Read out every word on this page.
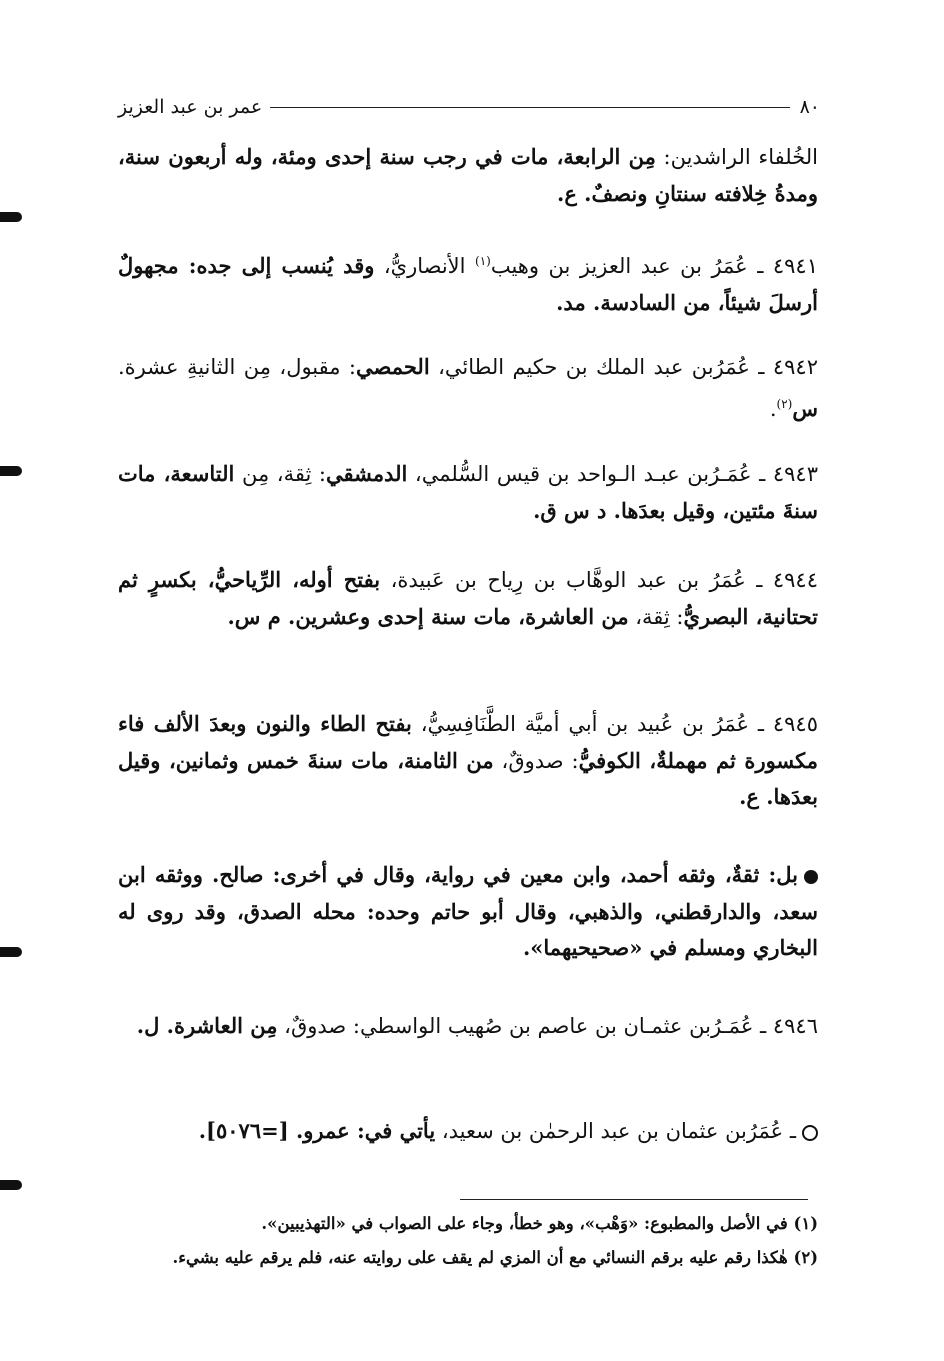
٨٠
عمر بن عبد العزيز

الخُلفاء الراشدين: مِن الرابعة، مات في رجب سنة إحدى ومئة، وله أربعون سنة، ومدةُ خِلافته سنتانِ ونصفٌ. ع.

٤٩٤١ ـ عُمَرُ بن عبد العزيز بن وهيب$^{(١)}$ الأنصاريُّ، وقد يُنسب إلى جده: مجهولٌ أرسلَ شيئاً، من السادسة. مد.

٤٩٤٢ ـ عُمَرُبن عبد الملك بن حكيم الطائي، الحمصي: مقبول، مِن الثانيةِ عشرة. س$^{(٢)}$.

٤٩٤٣ ـ عُمَـرُبن عبـد الـواحد بن قيس السُّلمي، الدمشقي: ثِقة، مِن التاسعة، مات سنةَ مئتين، وقيل بعدَها. د س ق.

٤٩٤٤ ـ عُمَرُ بن عبد الوهَّاب بن رِياح بن عَبيدة، بفتح أوله، الرِّياحيُّ، بكسرٍ ثم تحتانية، البصريُّ: ثِقة، من العاشرة، مات سنة إحدى وعشرين. م س.

٤٩٤٥ ـ عُمَرُ بن عُبيد بن أبي أميَّة الطَّنَافِسِيُّ، بفتح الطاء والنون وبعدَ الألف فاء مكسورة ثم مهملةٌ، الكوفيُّ: صدوقٌ، من الثامنة، مات سنةَ خمس وثمانين، وقيل بعدَها. ع.

بل: ثقةٌ، وثقه أحمد، وابن معين في رواية، وقال في أخرى: صالح. ووثقه ابن سعد، والدارقطني، والذهبي، وقال أبو حاتم وحده: محله الصدق، وقد روى له البخاري ومسلم في «صحيحيهما».

٤٩٤٦ ـ عُمَـرُبن عثمـان بن عاصم بن صُهيب الواسطي: صدوقٌ، مِن العاشرة. ل.

ـ عُمَرُبن عثمان بن عبد الرحمٰن بن سعيد، يأتي في: عمرو. [=٥٠٧٦].

(١) في الأصل والمطبوع: «وَهْب»، وهو خطأ، وجاء على الصواب في «التهذيبين».

(٢) هٰكذا رقم عليه برقم النسائي مع أن المزي لم يقف على روايته عنه، فلم يرقم عليه بشيء.
